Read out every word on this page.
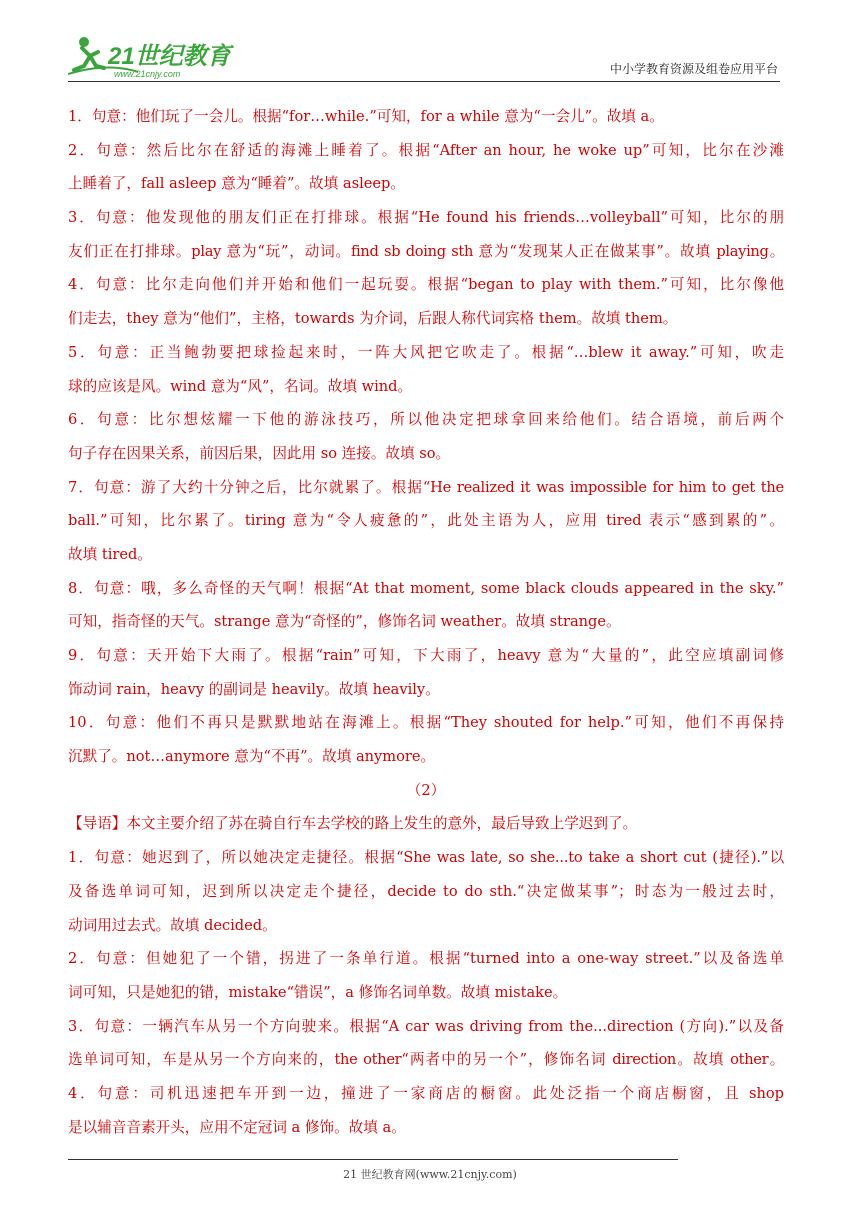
21世纪教育
www.21cnjy.com	中小学教育资源及组卷应用平台
1．句意：他们玩了一会儿。根据“for…while.”可知，for a while 意为“一会儿”。故填 a。
2．句意：然后比尔在舒适的海滩上睡着了。根据“After an hour, he woke up”可知，比尔在沙滩
上睡着了，fall asleep 意为“睡着”。故填 asleep。
3．句意：他发现他的朋友们正在打排球。根据“He found his friends…volleyball”可知，比尔的朋
友们正在打排球。play 意为“玩”，动词。find sb doing sth 意为“发现某人正在做某事”。故填 playing。
4．句意：比尔走向他们并开始和他们一起玩耍。根据“began to play with them.”可知，比尔像他
们走去，they 意为“他们”，主格，towards 为介词，后跟人称代词宾格 them。故填 them。
5．句意：正当鲍勃要把球捡起来时，一阵大风把它吹走了。根据“…blew it away.”可知，吹走
球的应该是风。wind 意为“风”，名词。故填 wind。
6．句意：比尔想炫耀一下他的游泳技巧，所以他决定把球拿回来给他们。结合语境，前后两个
句子存在因果关系，前因后果，因此用 so 连接。故填 so。
7．句意：游了大约十分钟之后，比尔就累了。根据“He realized it was impossible for him to get the
ball.”可知，比尔累了。tiring 意为“令人疲惫的”，此处主语为人，应用 tired 表示“感到累的”。
故填 tired。
8．句意：哦，多么奇怪的天气啊！根据“At that moment, some black clouds appeared in the sky.”
可知，指奇怪的天气。strange 意为“奇怪的”，修饰名词 weather。故填 strange。
9．句意：天开始下大雨了。根据“rain”可知，下大雨了，heavy 意为“大量的”，此空应填副词修
饰动词 rain，heavy 的副词是 heavily。故填 heavily。
10．句意：他们不再只是默默地站在海滩上。根据“They shouted for help.”可知，他们不再保持
沉默了。not…anymore 意为“不再”。故填 anymore。
（2）
【导语】本文主要介绍了苏在骑自行车去学校的路上发生的意外，最后导致上学迟到了。
1．句意：她迟到了，所以她决定走捷径。根据“She was late, so she...to take a short cut (捷径).”以
及备选单词可知，迟到所以决定走个捷径，decide to do sth.“决定做某事”；时态为一般过去时，
动词用过去式。故填 decided。
2．句意：但她犯了一个错，拐进了一条单行道。根据“turned into a one-way street.”以及备选单
词可知，只是她犯的错，mistake“错误”，a 修饰名词单数。故填 mistake。
3．句意：一辆汽车从另一个方向驶来。根据“A car was driving from the...direction (方向).”以及备
选单词可知，车是从另一个方向来的，the other“两者中的另一个”，修饰名词 direction。故填 other。
4．句意：司机迅速把车开到一边，撞进了一家商店的橱窗。此处泛指一个商店橱窗，且 shop
是以辅音音素开头，应用不定冠词 a 修饰。故填 a。
21 世纪教育网(www.21cnjy.com)
